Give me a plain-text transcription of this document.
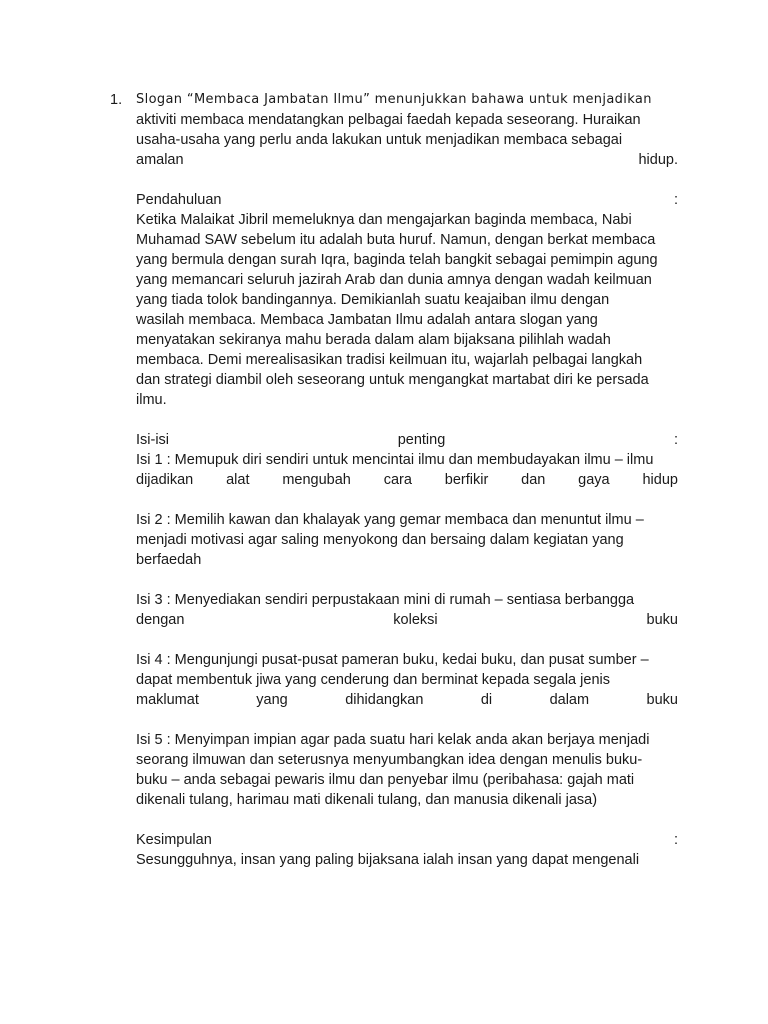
1. Slogan “Membaca Jambatan Ilmu” menunjukkan bahawa untuk menjadikan
aktiviti membaca mendatangkan pelbagai faedah kepada seseorang. Huraikan
usaha-usaha yang perlu anda lakukan untuk menjadikan membaca sebagai
amalan	hidup.
Pendahuluan	:
Ketika Malaikat Jibril memeluknya dan mengajarkan baginda membaca, Nabi
Muhamad SAW sebelum itu adalah buta huruf. Namun, dengan berkat membaca
yang bermula dengan surah Iqra, baginda telah bangkit sebagai pemimpin agung
yang memancari seluruh jazirah Arab dan dunia amnya dengan wadah keilmuan
yang tiada tolok bandingannya. Demikianlah suatu keajaiban ilmu dengan
wasilah membaca. Membaca Jambatan Ilmu adalah antara slogan yang
menyatakan sekiranya mahu berada dalam alam bijaksana pilihlah wadah
membaca. Demi merealisasikan tradisi keilmuan itu, wajarlah pelbagai langkah
dan strategi diambil oleh seseorang untuk mengangkat martabat diri ke persada
ilmu.
Isi-isi	penting	:
Isi 1 : Memupuk diri sendiri untuk mencintai ilmu dan membudayakan ilmu – ilmu
dijadikan alat mengubah cara berfikir dan gaya hidup
Isi 2 : Memilih kawan dan khalayak yang gemar membaca dan menuntut ilmu –
menjadi motivasi agar saling menyokong dan bersaing dalam kegiatan yang
berfaedah
Isi 3 : Menyediakan sendiri perpustakaan mini di rumah – sentiasa berbangga
dengan	koleksi	buku
Isi 4 : Mengunjungi pusat-pusat pameran buku, kedai buku, dan pusat sumber –
dapat membentuk jiwa yang cenderung dan berminat kepada segala jenis
maklumat	yang	dihidangkan	di	dalam	buku
Isi 5 : Menyimpan impian agar pada suatu hari kelak anda akan berjaya menjadi
seorang ilmuwan dan seterusnya menyumbangkan idea dengan menulis buku-
buku – anda sebagai pewaris ilmu dan penyebar ilmu (peribahasa: gajah mati
dikenali tulang, harimau mati dikenali tulang, dan manusia dikenali jasa)
Kesimpulan	:
Sesungguhnya, insan yang paling bijaksana ialah insan yang dapat mengenali
